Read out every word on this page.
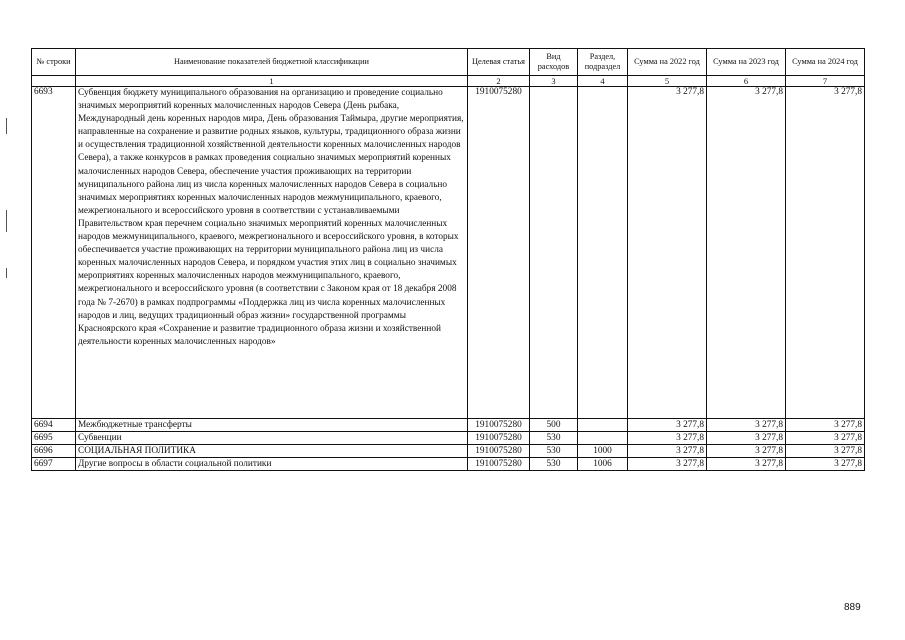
№ строки	Наименование показателей бюджетной классификации	Целевая статья	Вид расходов	Раздел, подраздел	Сумма на 2022 год	Сумма на 2023 год	Сумма на 2024 год
	1	2	3	4	5	6	7
6693	Субвенция бюджету муниципального образования на организацию и проведение социально значимых мероприятий коренных малочисленных народов Севера (День рыбака, Международный день коренных народов мира, День образования Таймыра, другие мероприятия, направленные на сохранение и развитие родных языков, культуры, традиционного образа жизни и осуществления традиционной хозяйственной деятельности коренных малочисленных народов Севера), а также конкурсов в рамках проведения социально значимых мероприятий коренных малочисленных народов Севера, обеспечение участия проживающих на территории муниципального района лиц из числа коренных малочисленных народов Севера в социально значимых мероприятиях коренных малочисленных народов межмуниципального, краевого, межрегионального и всероссийского уровня в соответствии с устанавливаемыми Правительством края перечнем социально значимых мероприятий коренных малочисленных народов межмуниципального, краевого, межрегионального и всероссийского уровня, в которых обеспечивается участие проживающих на территории муниципального района лиц из числа коренных малочисленных народов Севера, и порядком участия этих лиц в социально значимых мероприятиях коренных малочисленных народов межмуниципального, краевого, межрегионального и всероссийского уровня (в соответствии с Законом края от 18 декабря 2008 года № 7-2670) в рамках подпрограммы «Поддержка лиц из числа коренных малочисленных народов и лиц, ведущих традиционный образ жизни» государственной программы Красноярского края «Сохранение и развитие традиционного образа жизни и хозяйственной деятельности коренных малочисленных народов»	1910075280			3 277,8	3 277,8	3 277,8
6694	Межбюджетные трансферты	1910075280	500		3 277,8	3 277,8	3 277,8
6695	Субвенции	1910075280	530		3 277,8	3 277,8	3 277,8
6696	СОЦИАЛЬНАЯ ПОЛИТИКА	1910075280	530	1000	3 277,8	3 277,8	3 277,8
6697	Другие вопросы в области социальной политики	1910075280	530	1006	3 277,8	3 277,8	3 277,8
889
